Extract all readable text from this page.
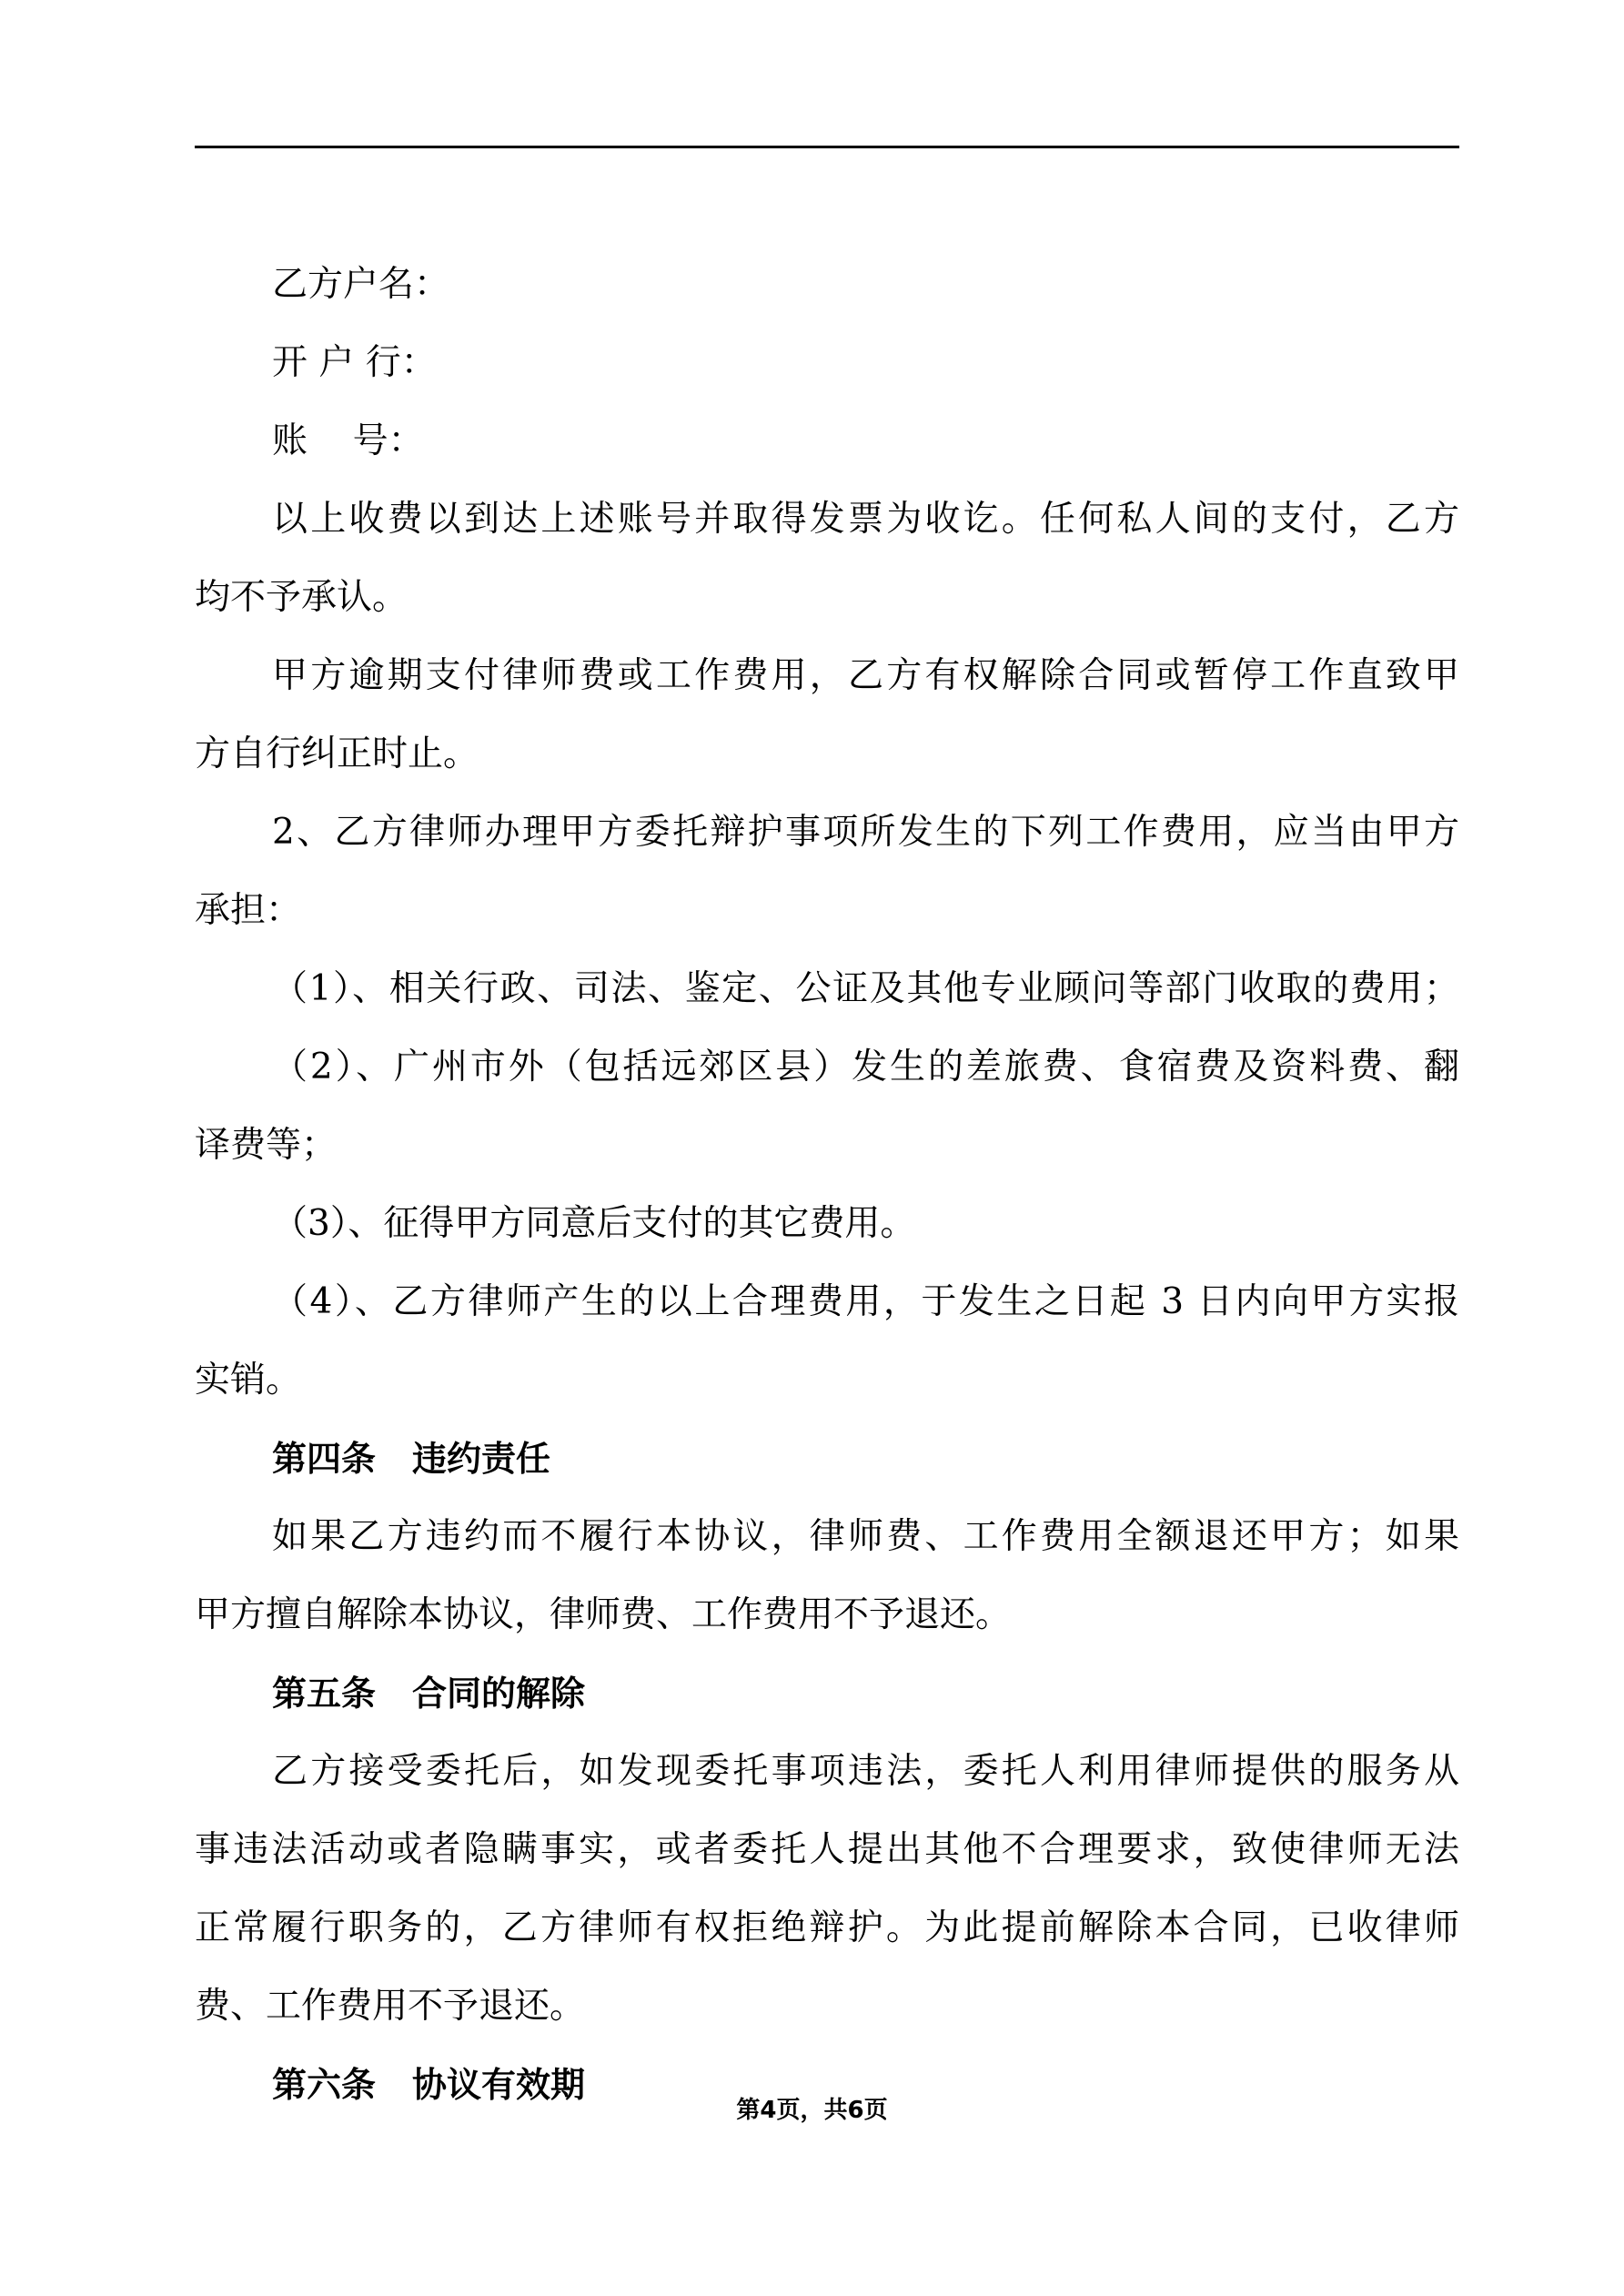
乙方户名：
开 户 行：
账    号：
以上收费以到达上述账号并取得发票为收讫。任何私人间的支付，乙方
均不予承认。
甲方逾期支付律师费或工作费用，乙方有权解除合同或暂停工作直致甲
方自行纠正时止。
2、乙方律师办理甲方委托辩护事项所发生的下列工作费用，应当由甲方
承担：
（1）、相关行政、司法、鉴定、公证及其他专业顾问等部门收取的费用；
（2）、广州市外（包括远郊区县）发生的差旅费、食宿费及资料费、翻
译费等；
（3）、征得甲方同意后支付的其它费用。
（4）、乙方律师产生的以上合理费用，于发生之日起 3 日内向甲方实报
实销。
第四条 违约责任
如果乙方违约而不履行本协议，律师费、工作费用全额退还甲方；如果
甲方擅自解除本协议，律师费、工作费用不予退还。
第五条 合同的解除
乙方接受委托后，如发现委托事项违法，委托人利用律师提供的服务从
事违法活动或者隐瞒事实，或者委托人提出其他不合理要求，致使律师无法
正常履行职务的，乙方律师有权拒绝辩护。为此提前解除本合同，已收律师
费、工作费用不予退还。
第六条 协议有效期
第4页，共6页
